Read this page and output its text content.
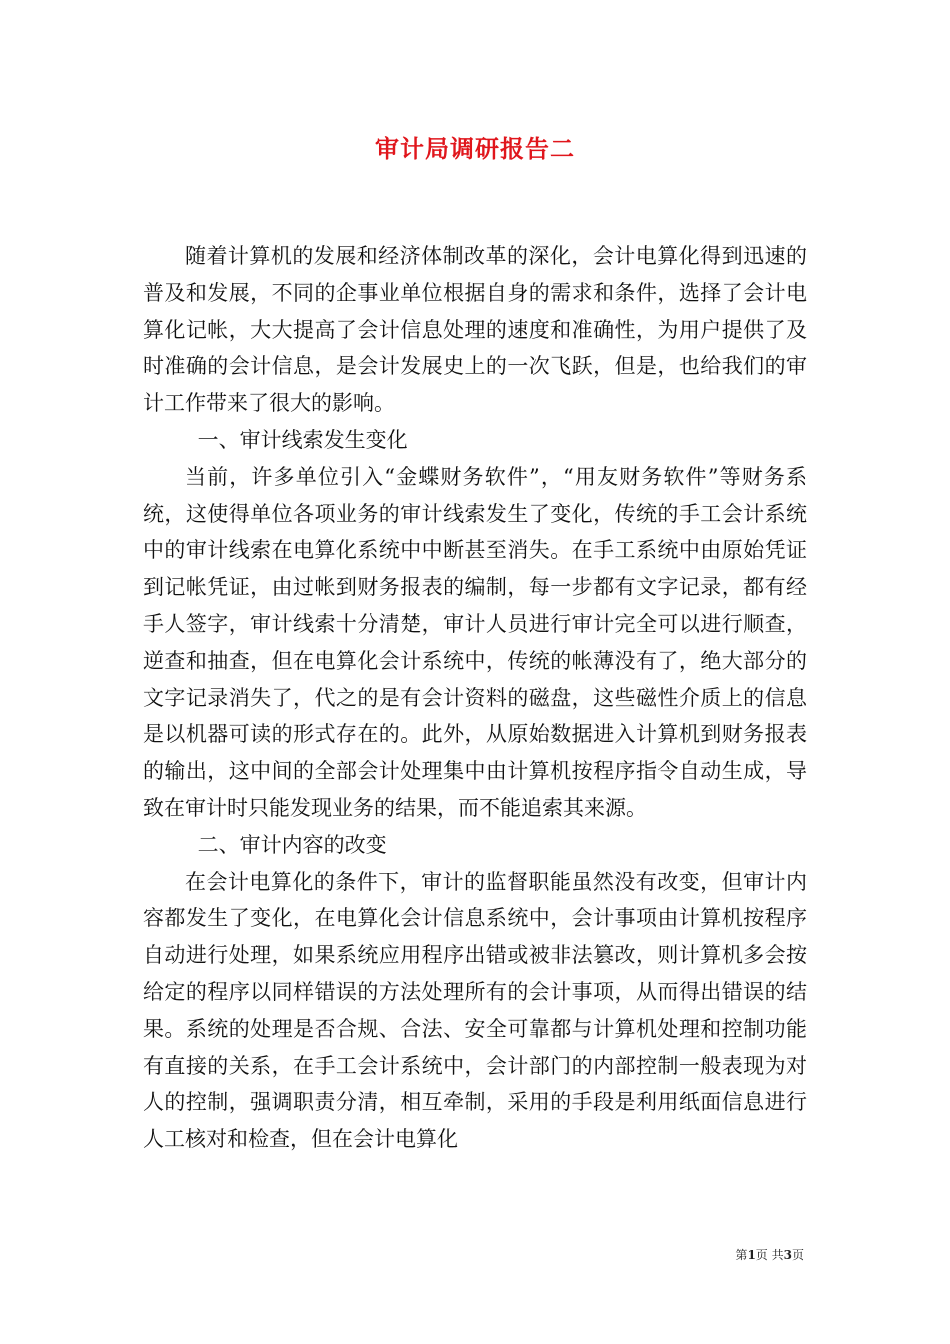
审计局调研报告二

随着计算机的发展和经济体制改革的深化，会计电算化得到迅速的普及和发展，不同的企事业单位根据自身的需求和条件，选择了会计电算化记帐，大大提高了会计信息处理的速度和准确性，为用户提供了及时准确的会计信息，是会计发展史上的一次飞跃，但是，也给我们的审计工作带来了很大的影响。

一、审计线索发生变化

当前，许多单位引入“金蝶财务软件”，“用友财务软件”等财务系统，这使得单位各项业务的审计线索发生了变化，传统的手工会计系统中的审计线索在电算化系统中中断甚至消失。在手工系统中由原始凭证到记帐凭证，由过帐到财务报表的编制，每一步都有文字记录，都有经手人签字，审计线索十分清楚，审计人员进行审计完全可以进行顺查，逆查和抽查，但在电算化会计系统中，传统的帐薄没有了，绝大部分的文字记录消失了，代之的是有会计资料的磁盘，这些磁性介质上的信息是以机器可读的形式存在的。此外，从原始数据进入计算机到财务报表的输出，这中间的全部会计处理集中由计算机按程序指令自动生成，导致在审计时只能发现业务的结果，而不能追索其来源。

二、审计内容的改变

在会计电算化的条件下，审计的监督职能虽然没有改变，但审计内容都发生了变化，在电算化会计信息系统中，会计事项由计算机按程序自动进行处理，如果系统应用程序出错或被非法篡改，则计算机多会按给定的程序以同样错误的方法处理所有的会计事项，从而得出错误的结果。系统的处理是否合规、合法、安全可靠都与计算机处理和控制功能有直接的关系，在手工会计系统中，会计部门的内部控制一般表现为对人的控制，强调职责分清，相互牵制，采用的手段是利用纸面信息进行人工核对和检查，但在会计电算化

第1页 共3页
